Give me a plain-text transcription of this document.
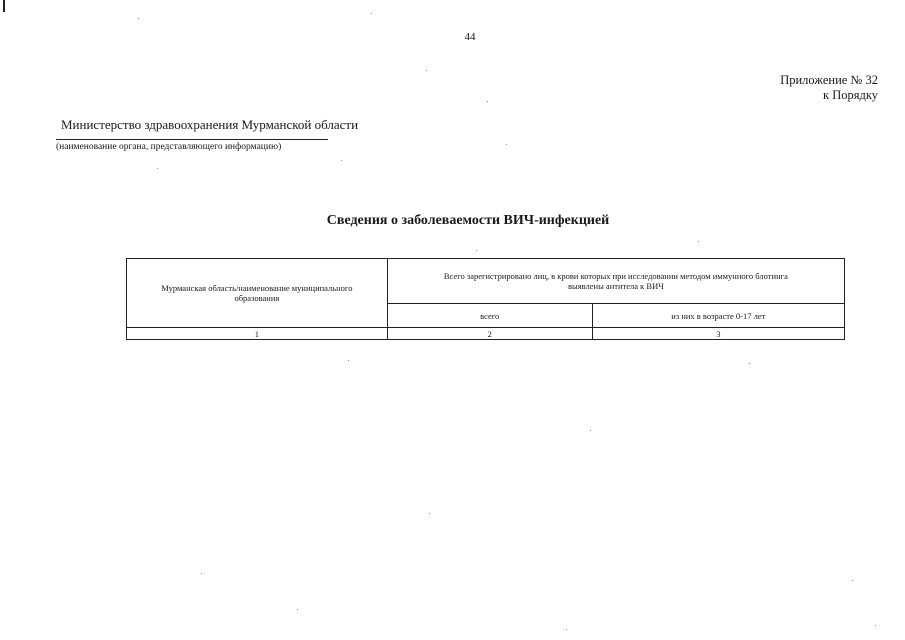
44
Приложение № 32
к Порядку
Министерство здравоохранения Мурманской области
(наименование органа, представляющего информацию)
Сведения о заболеваемости ВИЧ-инфекцией
Мурманская область/наименование муниципального образования	Всего зарегистрировано лиц, в крови которых при исследовании методом иммунного блотинга выявлены антитела к ВИЧ	
	всего	из них в возрасте 0-17 лет
1	2	3
